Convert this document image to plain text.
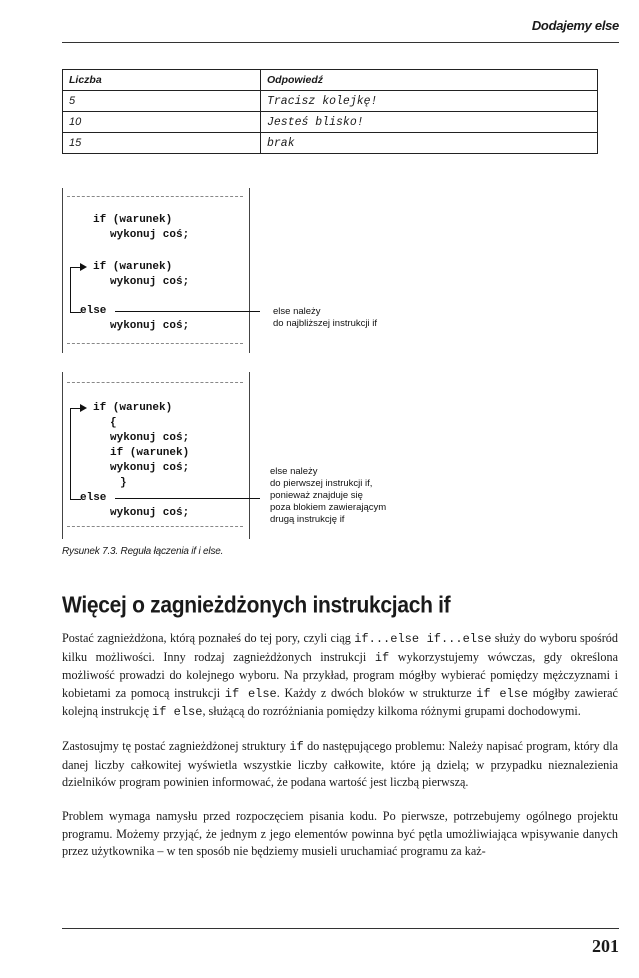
Dodajemy else
Liczba	Odpowiedź
5	Tracisz kolejkę!
10	Jesteś blisko!
15	brak
if (warunek)
wykonuj coś;
if (warunek)
wykonuj coś;
else
wykonuj coś;
else należy
do najbliższej instrukcji if
if (warunek)
{
wykonuj coś;
if (warunek)
wykonuj coś;
}
else
wykonuj coś;
else należy
do pierwszej instrukcji if,
ponieważ znajduje się
poza blokiem zawierającym
drugą instrukcję if
Rysunek 7.3. Reguła łączenia if i else.
Więcej o zagnieżdżonych instrukcjach if

Postać zagnieżdżona, którą poznałeś do tej pory, czyli ciąg if...else if...else służy do wyboru spośród kilku możliwości. Inny rodzaj zagnieżdżonych instrukcji if wykorzystujemy wówczas, gdy określona możliwość prowadzi do kolejnego wyboru. Na przykład, program mógłby wybierać pomiędzy mężczyznami i kobietami za pomocą instrukcji if else. Każdy z dwóch bloków w strukturze if else mógłby zawierać kolejną instrukcję if else, służącą do rozróżniania pomiędzy kilkoma różnymi grupami dochodowymi.

Zastosujmy tę postać zagnieżdżonej struktury if do następującego problemu: Należy napisać program, który dla danej liczby całkowitej wyświetla wszystkie liczby całkowite, które ją dzielą; w przypadku nieznalezienia dzielników program powinien informować, że podana wartość jest liczbą pierwszą.

Problem wymaga namysłu przed rozpoczęciem pisania kodu. Po pierwsze, potrzebujemy ogólnego projektu programu. Możemy przyjąć, że jednym z jego elementów powinna być pętla umożliwiająca wpisywanie danych przez użytkownika – w ten sposób nie będziemy musieli uruchamiać programu za każ-

201
